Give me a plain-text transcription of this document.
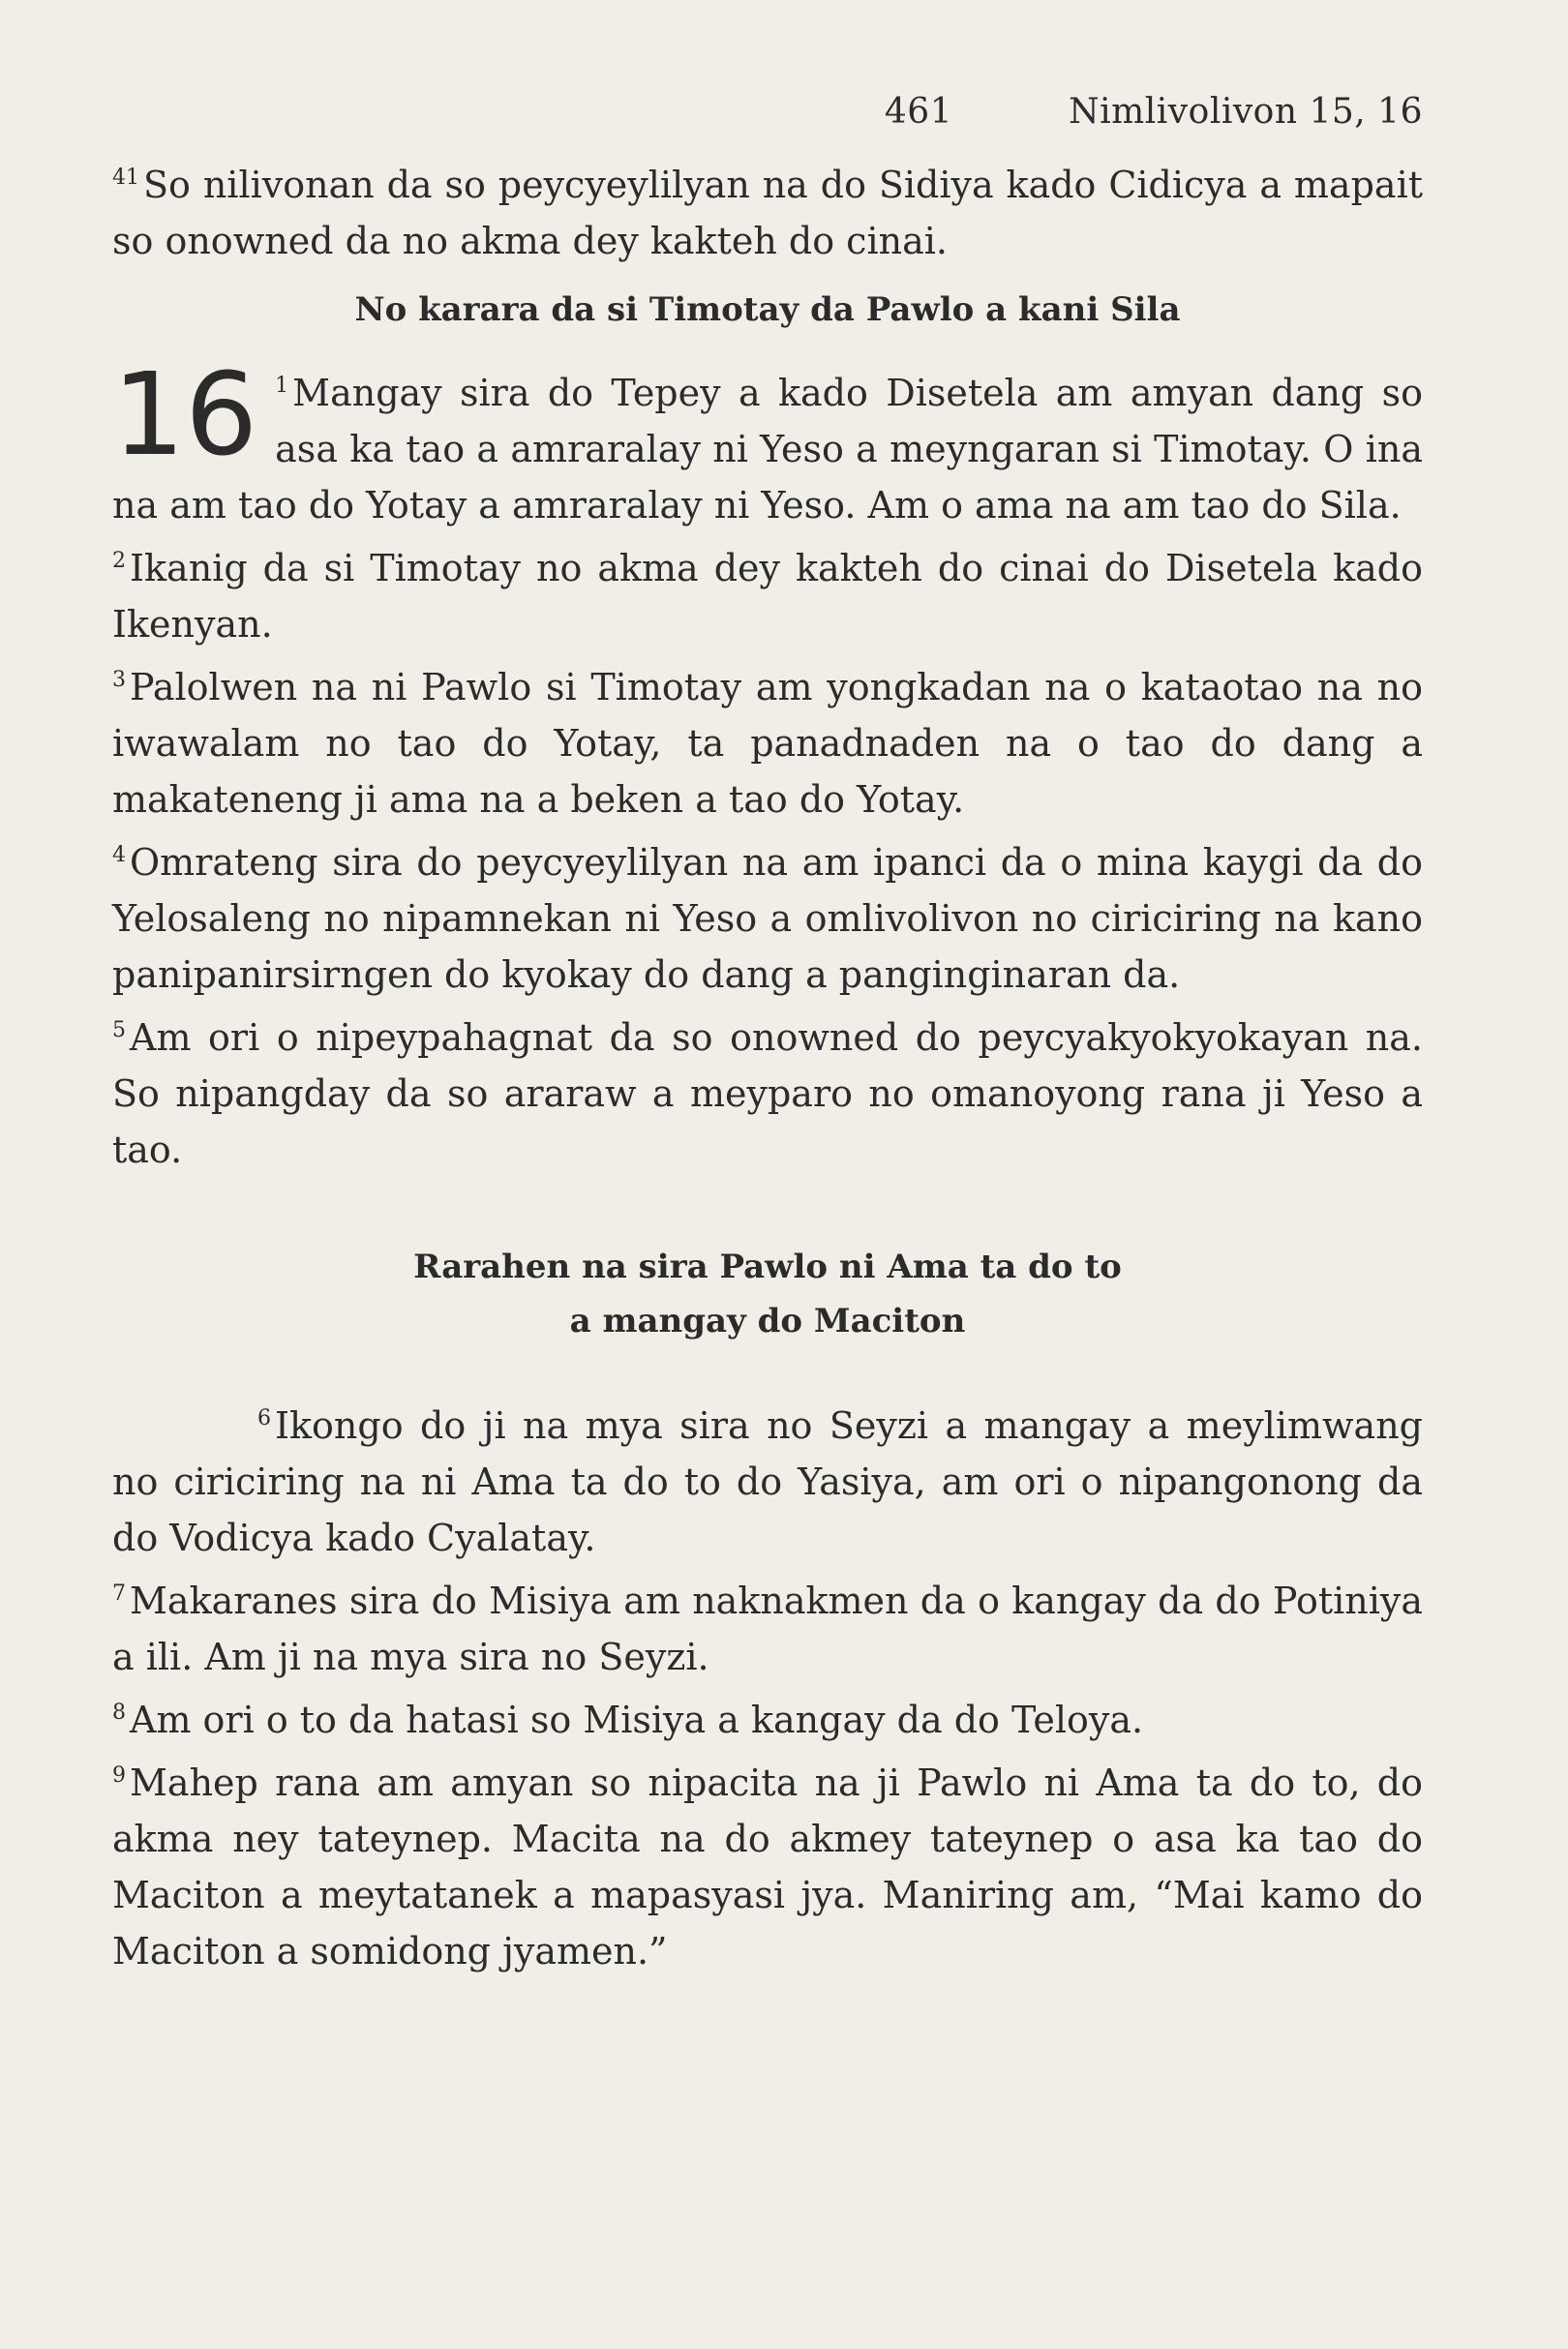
461	Nimlivolivon 15, 16

$^{41}$ So nilivonan da so peycyeylilyan na do Sidiya kado Cidicya a mapait so onowned da no akma dey kakteh do cinai.

No karara da si Timotay da Pawlo a kani Sila

16 $^1$ Mangay sira do Tepey a kado Disetela am amyan dang so asa ka tao a amraralay ni Yeso a meyngaran si Timotay. O ina na am tao do Yotay a amraralay ni Yeso. Am o ama na am tao do Sila.

$^2$ Ikanig da si Timotay no akma dey kakteh do cinai do Disetela kado Ikenyan.

$^3$ Palolwen na ni Pawlo si Timotay am yongkadan na o kataotao na no iwawalam no tao do Yotay, ta panadnaden na o tao do dang a makateneng ji ama na a beken a tao do Yotay.

$^4$ Omrateng sira do peycyeylilyan na am ipanci da o mina kaygi da do Yelosaleng no nipamnekan ni Yeso a omlivolivon no ciriciring na kano panipanirsirngen do kyokay do dang a panginginaran da.

$^5$ Am ori o nipeypahagnat da so onowned do peycyakyokyokayan na. So nipangday da so araraw a meyparo no omanoyong rana ji Yeso a tao.

Rarahen na sira Pawlo ni Ama ta do to
a mangay do Maciton

$^6$ Ikongo do ji na mya sira no Seyzi a mangay a meylimwang no ciriciring na ni Ama ta do to do Yasiya, am ori o nipangonong da do Vodicya kado Cyalatay.

$^7$ Makaranes sira do Misiya am naknakmen da o kangay da do Potiniya a ili. Am ji na mya sira no Seyzi.

$^8$ Am ori o to da hatasi so Misiya a kangay da do Teloya.

$^9$ Mahep rana am amyan so nipacita na ji Pawlo ni Ama ta do to, do akma ney tateynep. Macita na do akmey tateynep o asa ka tao do Maciton a meytatanek a mapasyasi jya. Maniring am, “Mai kamo do Maciton a somidong jyamen.”
